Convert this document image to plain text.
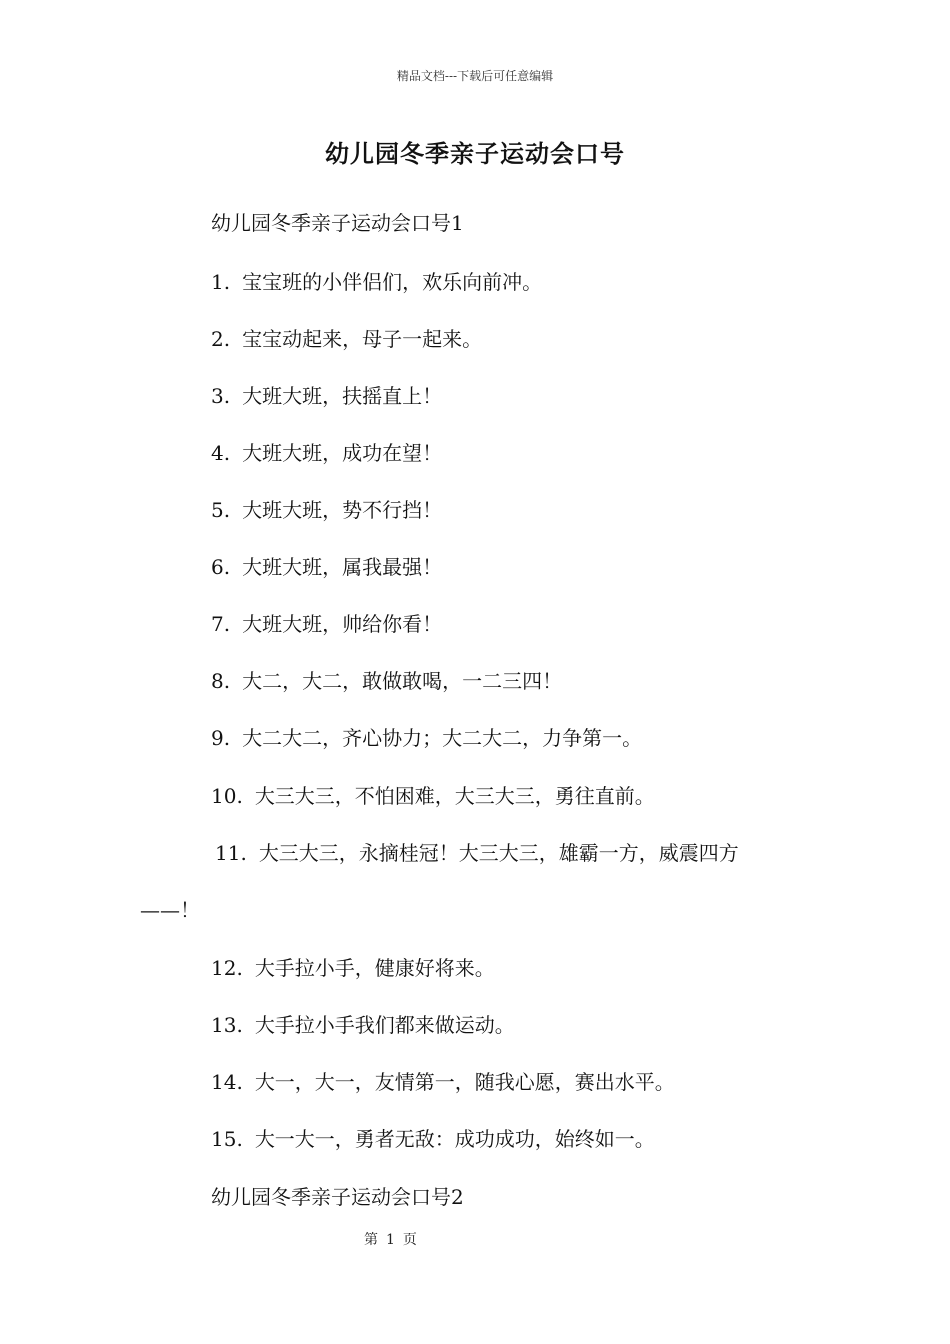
精品文档---下载后可任意编辑
幼儿园冬季亲子运动会口号
幼儿园冬季亲子运动会口号1
1. 宝宝班的小伴侣们，欢乐向前冲。
2. 宝宝动起来，母子一起来。
3. 大班大班，扶摇直上！
4. 大班大班，成功在望！
5. 大班大班，势不行挡！
6. 大班大班，属我最强！
7. 大班大班，帅给你看！
8. 大二，大二，敢做敢喝，一二三四！
9. 大二大二，齐心协力；大二大二，力争第一。
10. 大三大三，不怕困难，大三大三，勇往直前。
11. 大三大三，永摘桂冠！大三大三，雄霸一方，威震四方
——！
12. 大手拉小手，健康好将来。
13. 大手拉小手我们都来做运动。
14. 大一，大一，友情第一，随我心愿，赛出水平。
15. 大一大一，勇者无敌：成功成功，始终如一。
幼儿园冬季亲子运动会口号2
第 1 页
